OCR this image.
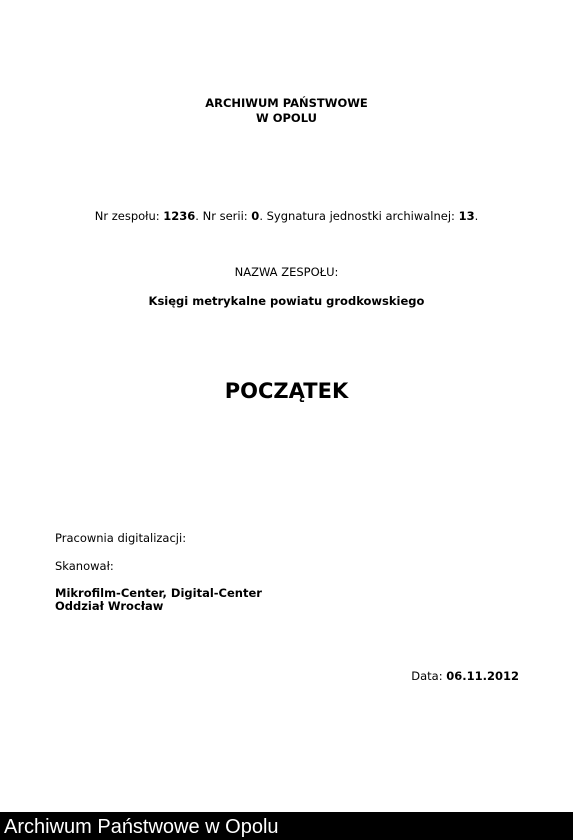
ARCHIWUM PAŃSTWOWE
W OPOLU

Nr zespołu: 1236. Nr serii: 0. Sygnatura jednostki archiwalnej: 13.

NAZWA ZESPOŁU:

Księgi metrykalne powiatu grodkowskiego

POCZĄTEK

Pracownia digitalizacji:

Skanował:

Mikrofilm-Center, Digital-Center
Oddział Wrocław

Data: 06.11.2012

Archiwum Państwowe w Opolu
